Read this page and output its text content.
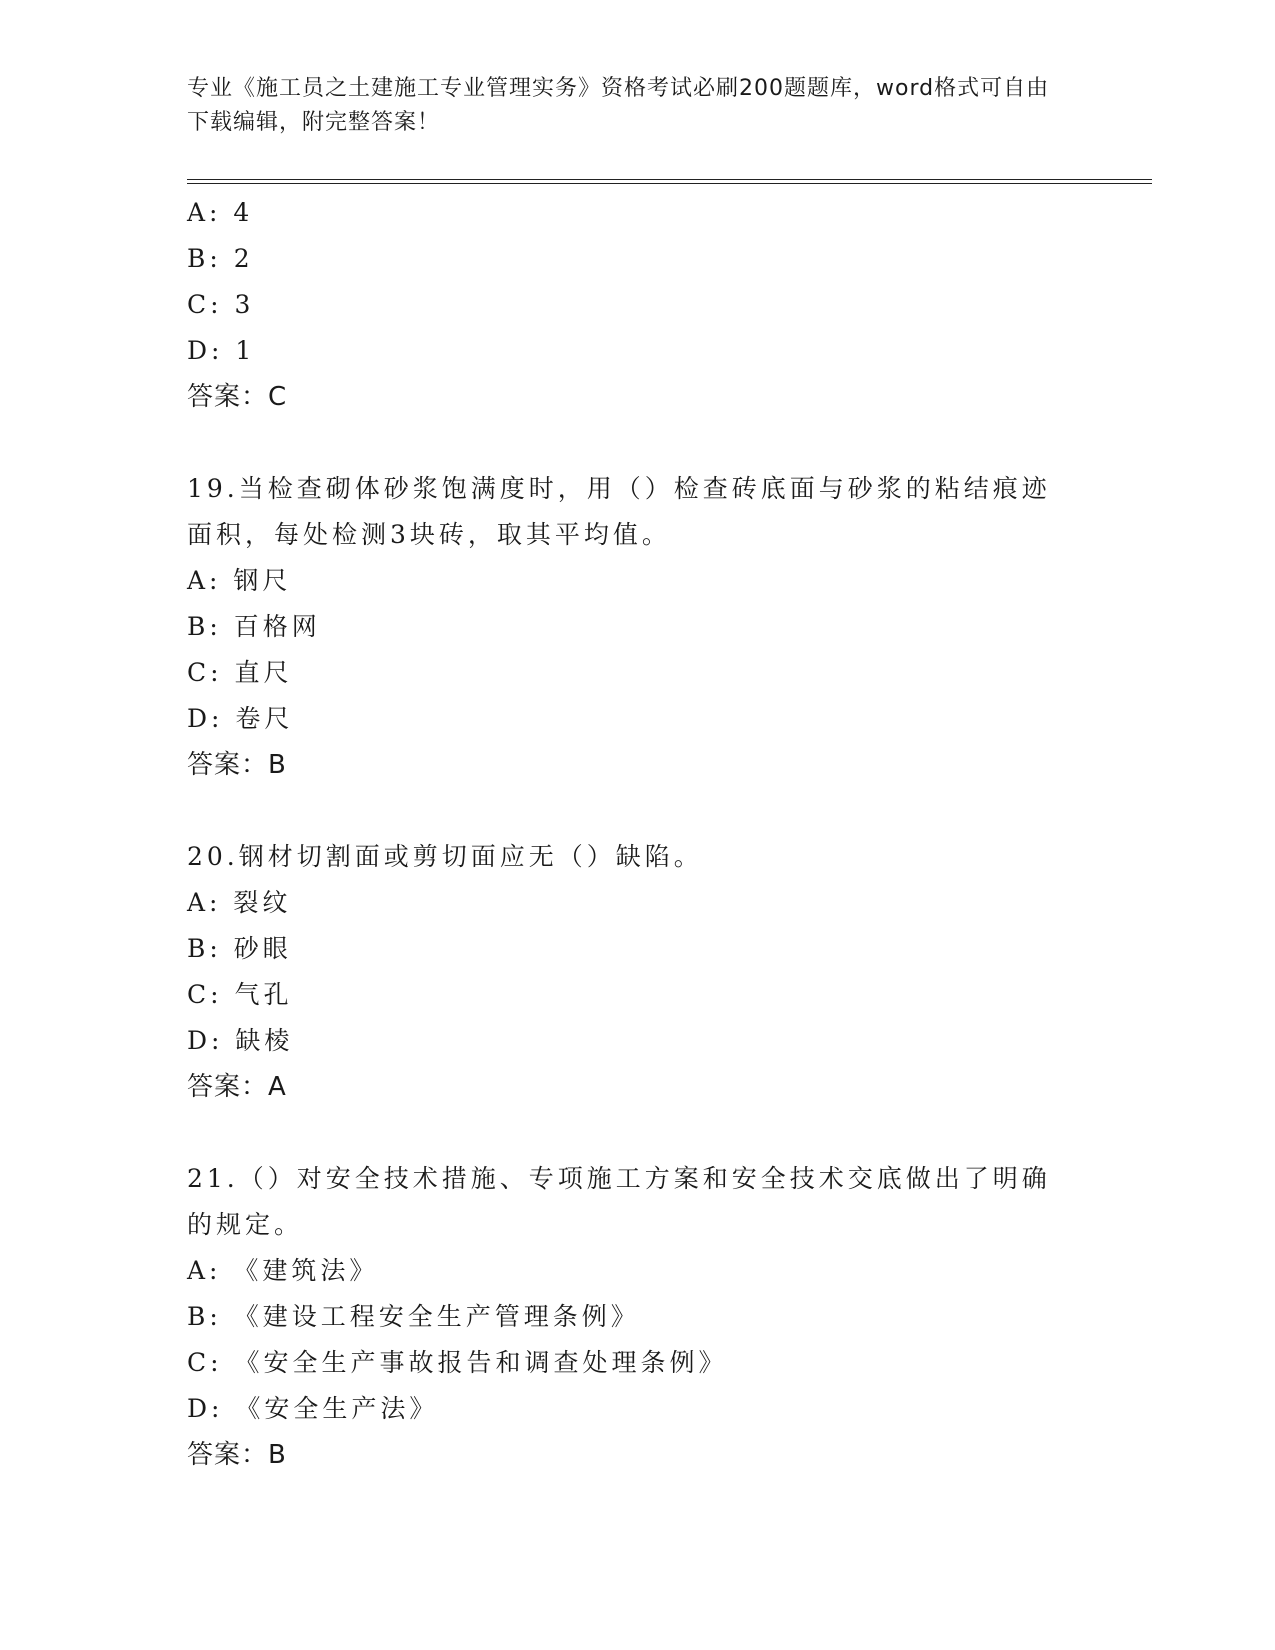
专业《施工员之土建施工专业管理实务》资格考试必刷200题题库，word格式可自由下载编辑，附完整答案！
A: 4
B: 2
C: 3
D: 1
答案：C
19.当检查砌体砂浆饱满度时，用（）检查砖底面与砂浆的粘结痕迹面积，每处检测3块砖，取其平均值。
A: 钢尺
B: 百格网
C: 直尺
D: 卷尺
答案：B
20.钢材切割面或剪切面应无（）缺陷。
A: 裂纹
B: 砂眼
C: 气孔
D: 缺棱
答案：A
21.（）对安全技术措施、专项施工方案和安全技术交底做出了明确的规定。
A: 《建筑法》
B: 《建设工程安全生产管理条例》
C: 《安全生产事故报告和调查处理条例》
D: 《安全生产法》
答案：B
